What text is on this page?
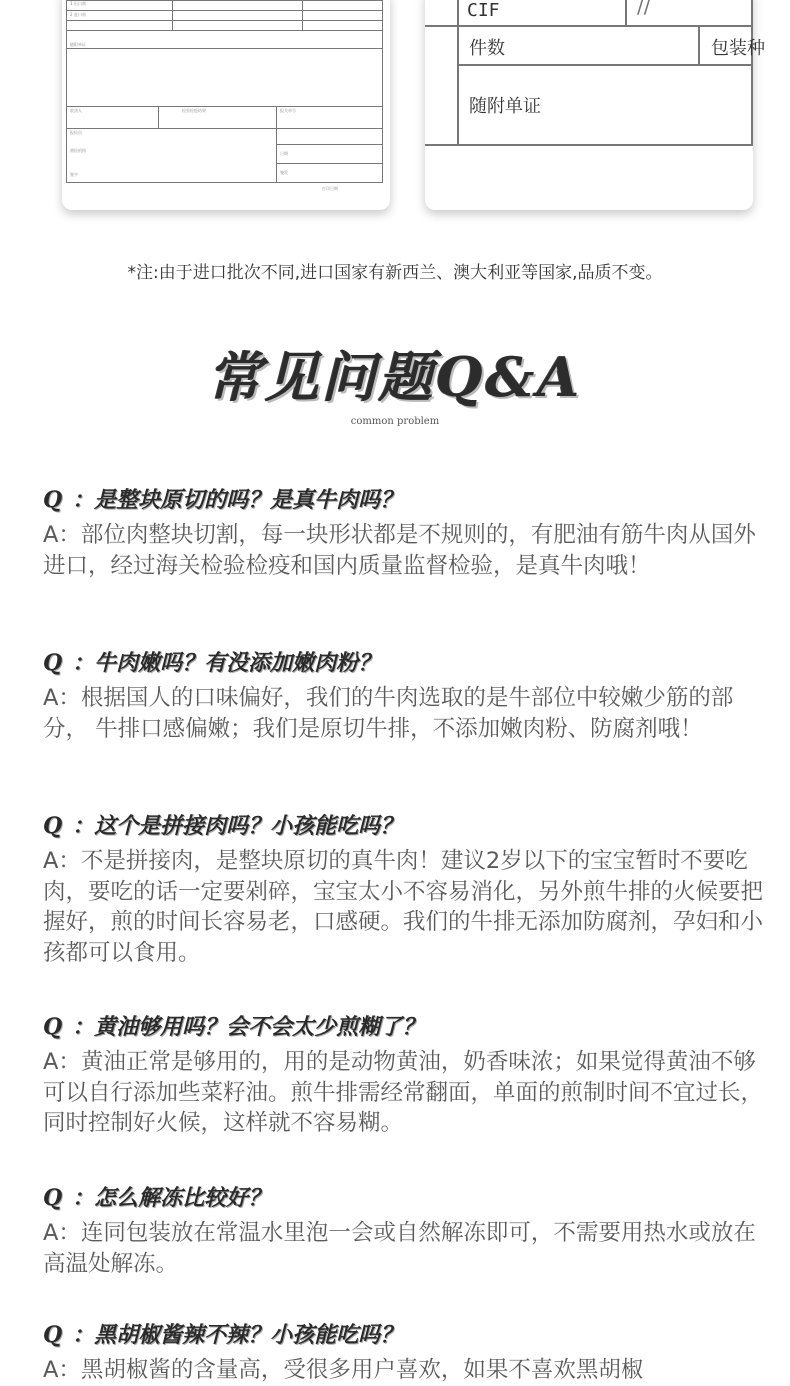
1 出口商
2 进口商
随附单证
收货人
报检员
商检机构
签字
检验检疫结果	报关单号
日期
签发
打印日期
//
CIF
件数	包装种
随附单证
*注:由于进口批次不同,进口国家有新西兰、澳大利亚等国家,品质不变。
常见问题Q&A
common problem
Q ：是整块原切的吗？是真牛肉吗？
A：部位肉整块切割，每一块形状都是不规则的，有肥油有筋牛肉从国外进口，经过海关检验检疫和国内质量监督检验，是真牛肉哦！
Q ：牛肉嫩吗？有没添加嫩肉粉？
A：根据国人的口味偏好，我们的牛肉选取的是牛部位中较嫩少筋的部分， 牛排口感偏嫩；我们是原切牛排，不添加嫩肉粉、防腐剂哦！
Q ：这个是拼接肉吗？小孩能吃吗？
A：不是拼接肉，是整块原切的真牛肉！建议2岁以下的宝宝暂时不要吃肉，要吃的话一定要剁碎，宝宝太小不容易消化，另外煎牛排的火候要把握好，煎的时间长容易老，口感硬。我们的牛排无添加防腐剂，孕妇和小孩都可以食用。
Q ：黄油够用吗？会不会太少煎糊了？
A：黄油正常是够用的，用的是动物黄油，奶香味浓；如果觉得黄油不够可以自行添加些菜籽油。煎牛排需经常翻面，单面的煎制时间不宜过长，同时控制好火候，这样就不容易糊。
Q ：怎么解冻比较好？
A：连同包装放在常温水里泡一会或自然解冻即可，不需要用热水或放在高温处解冻。
Q ：黑胡椒酱辣不辣？小孩能吃吗？
A：黑胡椒酱的含量高，受很多用户喜欢，如果不喜欢黑胡椒
